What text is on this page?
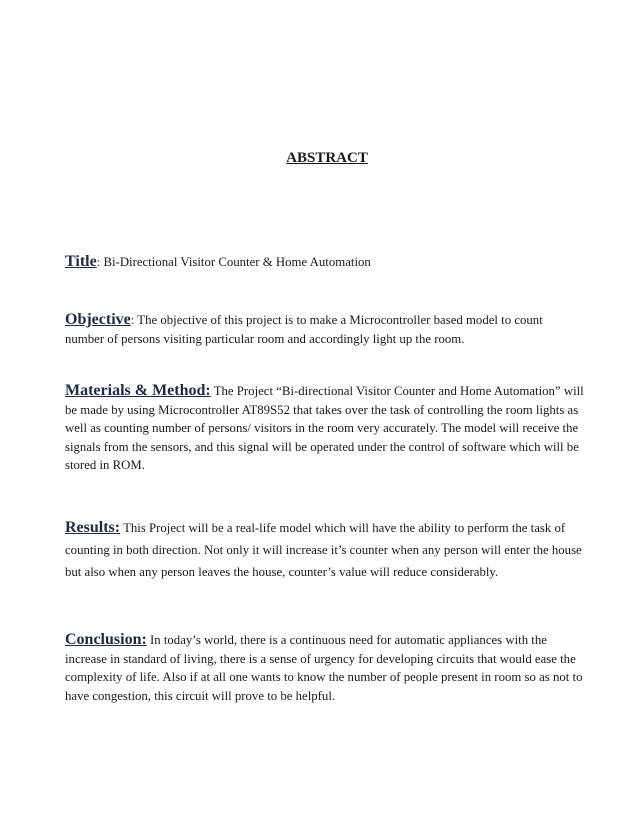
ABSTRACT
Title: Bi-Directional Visitor Counter & Home Automation
Objective: The objective of this project is to make a Microcontroller based model to count number of persons visiting particular room and accordingly light up the room.
Materials & Method: The Project “Bi-directional Visitor Counter and Home Automation” will be made by using Microcontroller AT89S52 that takes over the task of controlling the room lights as well as counting number of persons/ visitors in the room very accurately. The model will receive the signals from the sensors, and this signal will be operated under the control of software which will be stored in ROM.
Results: This Project will be a real-life model which will have the ability to perform the task of counting in both direction. Not only it will increase it’s counter when any person will enter the house but also when any person leaves the house, counter’s value will reduce considerably.
Conclusion: In today’s world, there is a continuous need for automatic appliances with the increase in standard of living, there is a sense of urgency for developing circuits that would ease the complexity of life. Also if at all one wants to know the number of people present in room so as not to have congestion, this circuit will prove to be helpful.
